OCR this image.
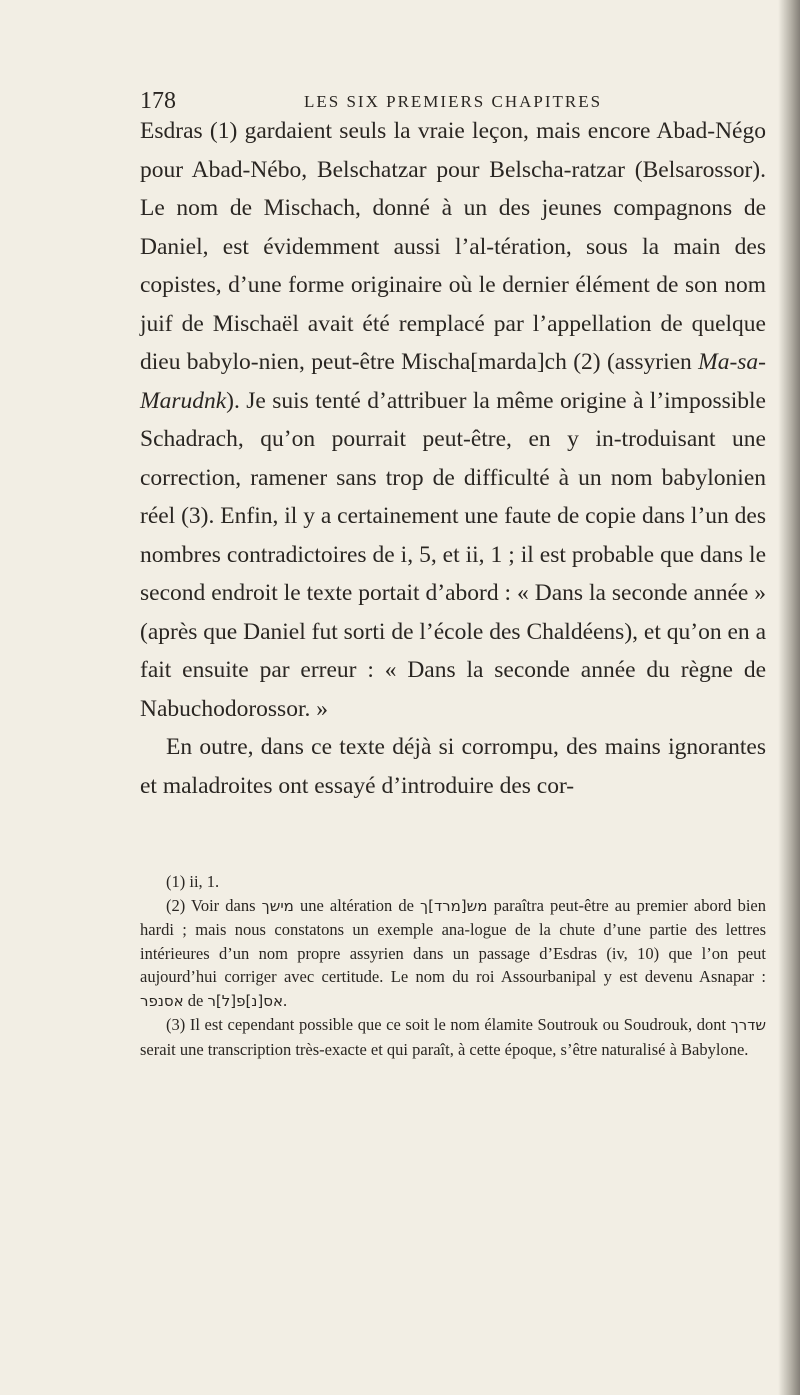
178	LES SIX PREMIERS CHAPITRES

Esdras (1) gardaient seuls la vraie leçon, mais encore Abad-Négo pour Abad-Nébo, Belschatzar pour Belscha-ratzar (Belsarossor). Le nom de Mischach, donné à un des jeunes compagnons de Daniel, est évidemment aussi l’al-tération, sous la main des copistes, d’une forme originaire où le dernier élément de son nom juif de Mischaël avait été remplacé par l’appellation de quelque dieu babylo-nien, peut-être Mischa[marda]ch (2) (assyrien Ma-sa-Marudnk). Je suis tenté d’attribuer la même origine à l’impossible Schadrach, qu’on pourrait peut-être, en y in-troduisant une correction, ramener sans trop de difficulté à un nom babylonien réel (3). Enfin, il y a certainement une faute de copie dans l’un des nombres contradictoires de i, 5, et ii, 1 ; il est probable que dans le second endroit le texte portait d’abord : « Dans la seconde année » (après que Daniel fut sorti de l’école des Chaldéens), et qu’on en a fait ensuite par erreur : « Dans la seconde année du règne de Nabuchodorossor. »

En outre, dans ce texte déjà si corrompu, des mains ignorantes et maladroites ont essayé d’introduire des cor-

(1) ii, 1.

(2) Voir dans מישך une altération de מש[מרד]ך paraîtra peut-être au premier abord bien hardi ; mais nous constatons un exemple ana-logue de la chute d’une partie des lettres intérieures d’un nom propre assyrien dans un passage d’Esdras (iv, 10) que l’on peut aujourd’hui corriger avec certitude. Le nom du roi Assourbanipal y est devenu Asnapar : אסנפר de אס[נ]פ[ל]ר.

(3) Il est cependant possible que ce soit le nom élamite Soutrouk ou Soudrouk, dont שדרך serait une transcription très-exacte et qui paraît, à cette époque, s’être naturalisé à Babylone.
